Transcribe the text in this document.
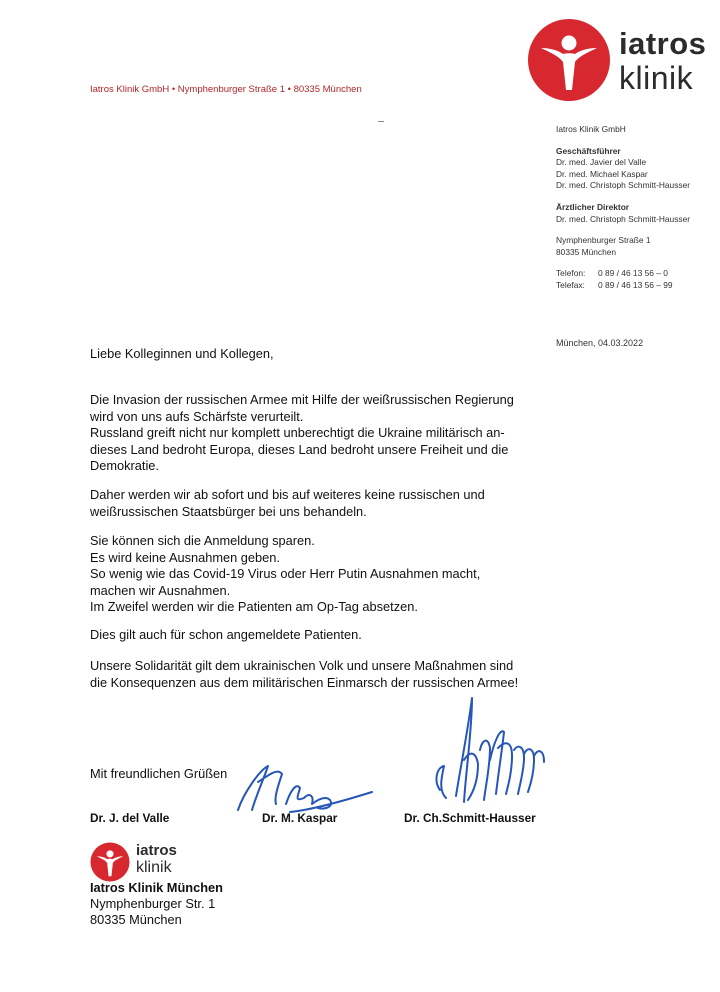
iatros
klinik
Iatros Klinik GmbH • Nymphenburger Straße 1 • 80335 München
Iatros Klinik GmbH
Geschäftsführer
Dr. med. Javier del Valle
Dr. med. Michael Kaspar
Dr. med. Christoph Schmitt-Hausser
Ärztlicher Direktor
Dr. med. Christoph Schmitt-Hausser
Nymphenburger Straße 1
80335 München
Telefon: 0 89 / 46 13 56 – 0
Telefax: 0 89 / 46 13 56 – 99
München, 04.03.2022
Liebe Kolleginnen und Kollegen,

Die Invasion der russischen Armee mit Hilfe der weißrussischen Regierung

wird von uns aufs Schärfste verurteilt.

Russland greift nicht nur komplett unberechtigt die Ukraine militärisch an-

dieses Land bedroht Europa, dieses Land bedroht unsere Freiheit und die

Demokratie.

Daher werden wir ab sofort und bis auf weiteres keine russischen und

weißrussischen Staatsbürger bei uns behandeln.

Sie können sich die Anmeldung sparen.

Es wird keine Ausnahmen geben.

So wenig wie das Covid-19 Virus oder Herr Putin Ausnahmen macht,

machen wir Ausnahmen.

Im Zweifel werden wir die Patienten am Op-Tag absetzen.

Dies gilt auch für schon angemeldete Patienten.

Unsere Solidarität gilt dem ukrainischen Volk und unsere Maßnahmen sind

die Konsequenzen aus dem militärischen Einmarsch der russischen Armee!

Mit freundlichen Grüßen
Dr. J. del Valle	Dr. M. Kaspar	Dr. Ch.Schmitt-Hausser
iatros
klinik
Iatros Klinik München
Nymphenburger Str. 1
80335 München
